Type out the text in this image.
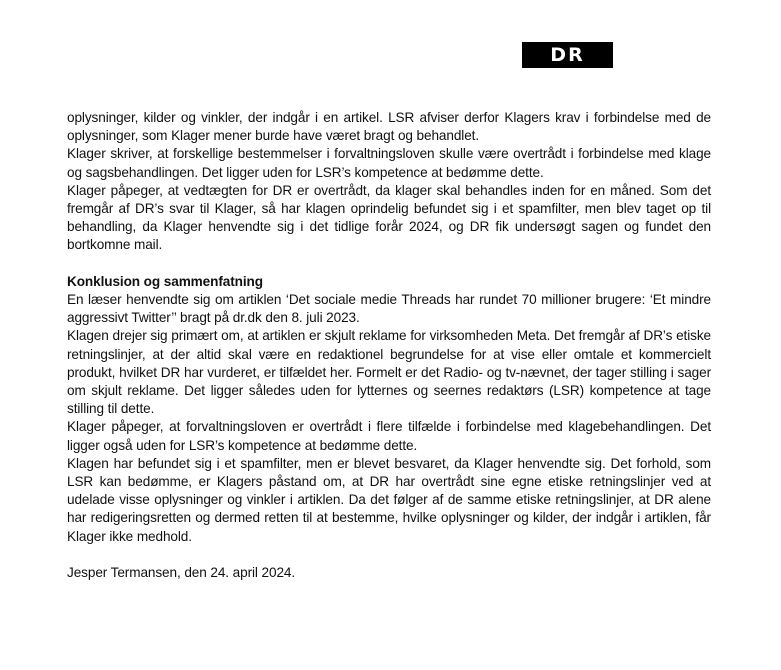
DR

oplysninger, kilder og vinkler, der indgår i en artikel. LSR afviser derfor Klagers krav i forbindelse med de oplysninger, som Klager mener burde have været bragt og behandlet.

Klager skriver, at forskellige bestemmelser i forvaltningsloven skulle være overtrådt i forbindelse med klage og sagsbehandlingen. Det ligger uden for LSR’s kompetence at bedømme dette.

Klager påpeger, at vedtægten for DR er overtrådt, da klager skal behandles inden for en måned. Som det fremgår af DR’s svar til Klager, så har klagen oprindelig befundet sig i et spamfilter, men blev taget op til behandling, da Klager henvendte sig i det tidlige forår 2024, og DR fik undersøgt sagen og fundet den bortkomne mail.

Konklusion og sammenfatning

En læser henvendte sig om artiklen ‘Det sociale medie Threads har rundet 70 millioner brugere: ‘Et mindre aggressivt Twitter’’ bragt på dr.dk den 8. juli 2023.

Klagen drejer sig primært om, at artiklen er skjult reklame for virksomheden Meta. Det fremgår af DR’s etiske retningslinjer, at der altid skal være en redaktionel begrundelse for at vise eller omtale et kommercielt produkt, hvilket DR har vurderet, er tilfældet her. Formelt er det Radio- og tv-nævnet, der tager stilling i sager om skjult reklame. Det ligger således uden for lytternes og seernes redaktørs (LSR) kompetence at tage stilling til dette.

Klager påpeger, at forvaltningsloven er overtrådt i flere tilfælde i forbindelse med klagebehandlingen. Det ligger også uden for LSR’s kompetence at bedømme dette.

Klagen har befundet sig i et spamfilter, men er blevet besvaret, da Klager henvendte sig. Det forhold, som LSR kan bedømme, er Klagers påstand om, at DR har overtrådt sine egne etiske retningslinjer ved at udelade visse oplysninger og vinkler i artiklen. Da det følger af de samme etiske retningslinjer, at DR alene har redigeringsretten og dermed retten til at bestemme, hvilke oplysninger og kilder, der indgår i artiklen, får Klager ikke medhold.

Jesper Termansen, den 24. april 2024.
